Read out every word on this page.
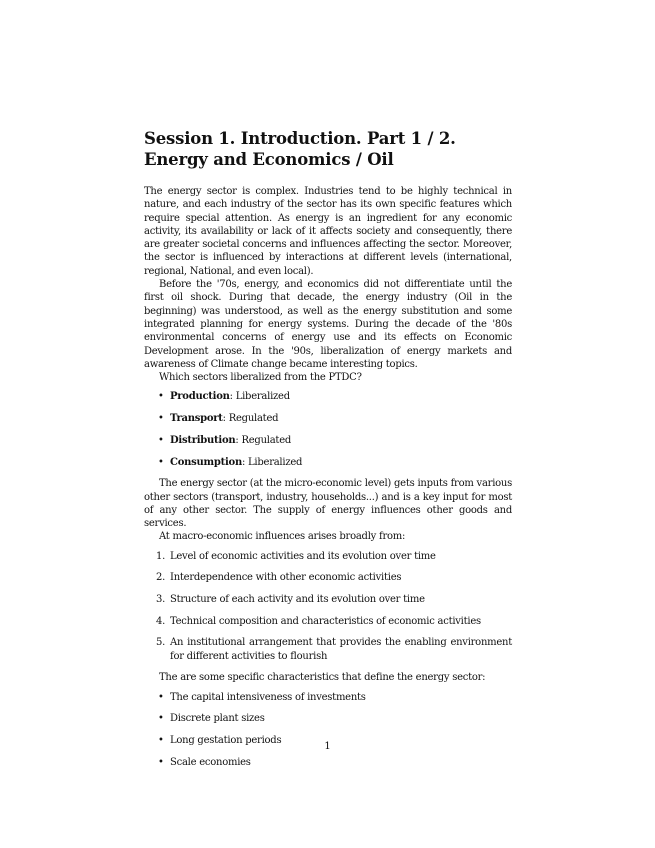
Session 1. Introduction. Part 1 / 2. Energy and Economics / Oil

The energy sector is complex. Industries tend to be highly technical in nature, and each industry of the sector has its own specific features which require special attention. As energy is an ingredient for any economic activity, its availability or lack of it affects society and consequently, there are greater societal concerns and influences affecting the sector. Moreover, the sector is influenced by interactions at different levels (international, regional, National, and even local).

Before the '70s, energy, and economics did not differentiate until the first oil shock. During that decade, the energy industry (Oil in the beginning) was understood, as well as the energy substitution and some integrated planning for energy systems. During the decade of the '80s environmental concerns of energy use and its effects on Economic Development arose. In the '90s, liberalization of energy markets and awareness of Climate change became interesting topics.

Which sectors liberalized from the PTDC?

• Production: Liberalized
• Transport: Regulated
• Distribution: Regulated
• Consumption: Liberalized

The energy sector (at the micro-economic level) gets inputs from various other sectors (transport, industry, households...) and is a key input for most of any other sector. The supply of energy influences other goods and services.

At macro-economic influences arises broadly from:

1. Level of economic activities and its evolution over time
2. Interdependence with other economic activities
3. Structure of each activity and its evolution over time
4. Technical composition and characteristics of economic activities
5. An institutional arrangement that provides the enabling environment for different activities to flourish

The are some specific characteristics that define the energy sector:

• The capital intensiveness of investments
• Discrete plant sizes
• Long gestation periods
• Scale economies
1
